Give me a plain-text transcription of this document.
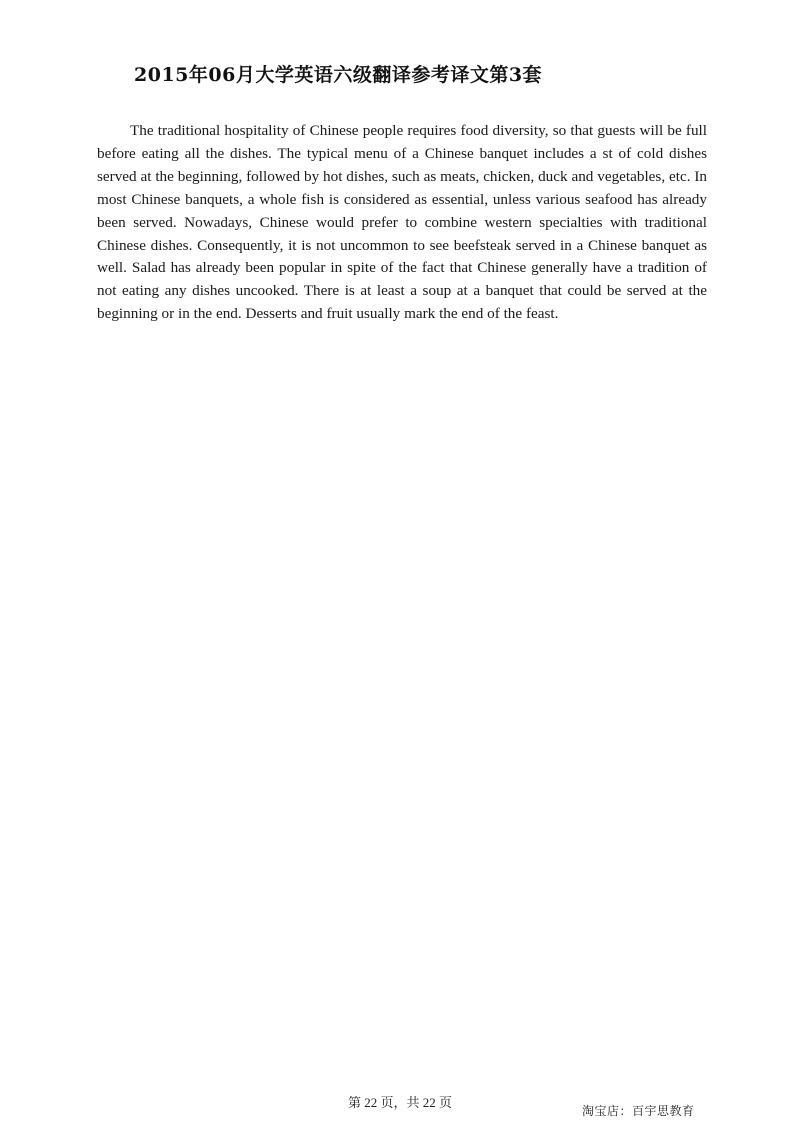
2015年06月大学英语六级翻译参考译文第3套

The traditional hospitality of Chinese people requires food diversity, so that guests will be full before eating all the dishes. The typical menu of a Chinese banquet includes a st of cold dishes served at the beginning, followed by hot dishes, such as meats, chicken, duck and vegetables, etc. In most Chinese banquets, a whole fish is considered as essential, unless various seafood has already been served. Nowadays, Chinese would prefer to combine western specialties with traditional Chinese dishes. Consequently, it is not uncommon to see beefsteak served in a Chinese banquet as well. Salad has already been popular in spite of the fact that Chinese generally have a tradition of not eating any dishes uncooked. There is at least a soup at a banquet that could be served at the beginning or in the end. Desserts and fruit usually mark the end of the feast.

第 22 页，共 22 页
淘宝店：百宇思教育
